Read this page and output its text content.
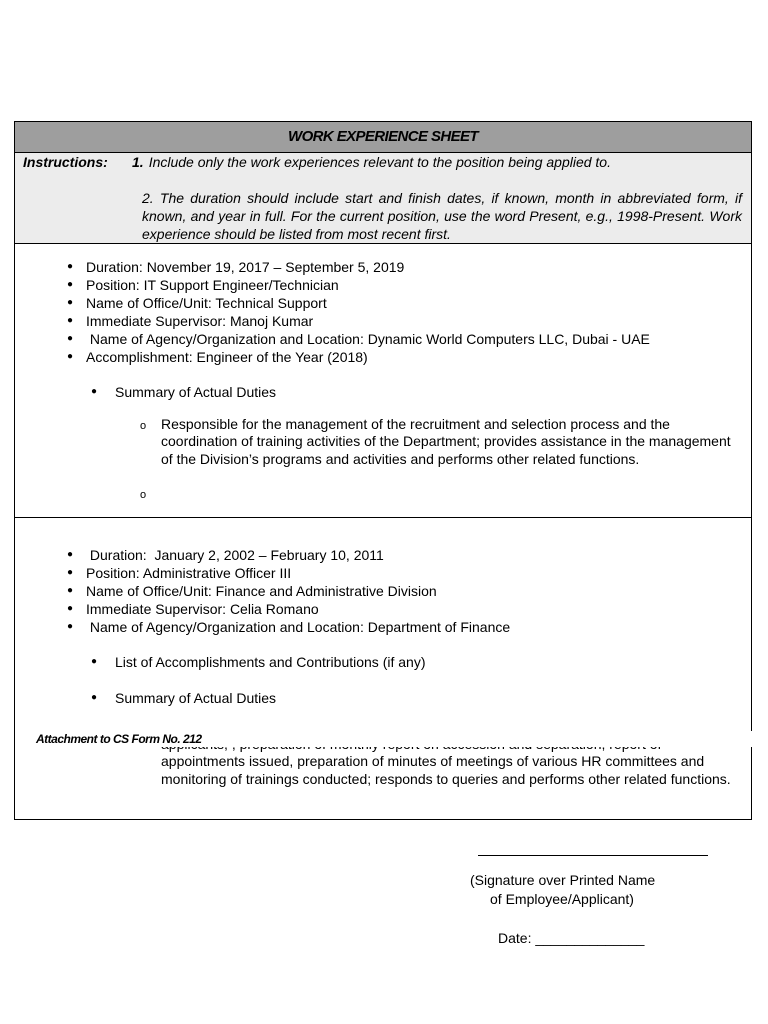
WORK EXPERIENCE SHEET
Instructions: 1. Include only the work experiences relevant to the position being applied to.
2. The duration should include start and finish dates, if known, month in abbreviated form, if known, and year in full. For the current position, use the word Present, e.g., 1998-Present. Work experience should be listed from most recent first.
● Duration: November 19, 2017 – September 5, 2019
● Position: IT Support Engineer/Technician
● Name of Office/Unit: Technical Support
● Immediate Supervisor: Manoj Kumar
● Name of Agency/Organization and Location: Dynamic World Computers LLC, Dubai - UAE
● Accomplishment: Engineer of the Year (2018)
● Summary of Actual Duties
o Responsible for the management of the recruitment and selection process and the coordination of training activities of the Department; provides assistance in the management of the Division’s programs and activities and performs other related functions.
o
● Duration:  January 2, 2002 – February 10, 2011
● Position: Administrative Officer III
● Name of Office/Unit: Finance and Administrative Division
● Immediate Supervisor: Celia Romano
● Name of Agency/Organization and Location: Department of Finance
● List of Accomplishments and Contributions (if any)
● Summary of Actual Duties
appointments issued, preparation of minutes of meetings of various HR committees and monitoring of trainings conducted; responds to queries and performs other related functions.
Attachment to CS Form No. 212
(Signature over Printed Name
of Employee/Applicant)
Date: ______________
